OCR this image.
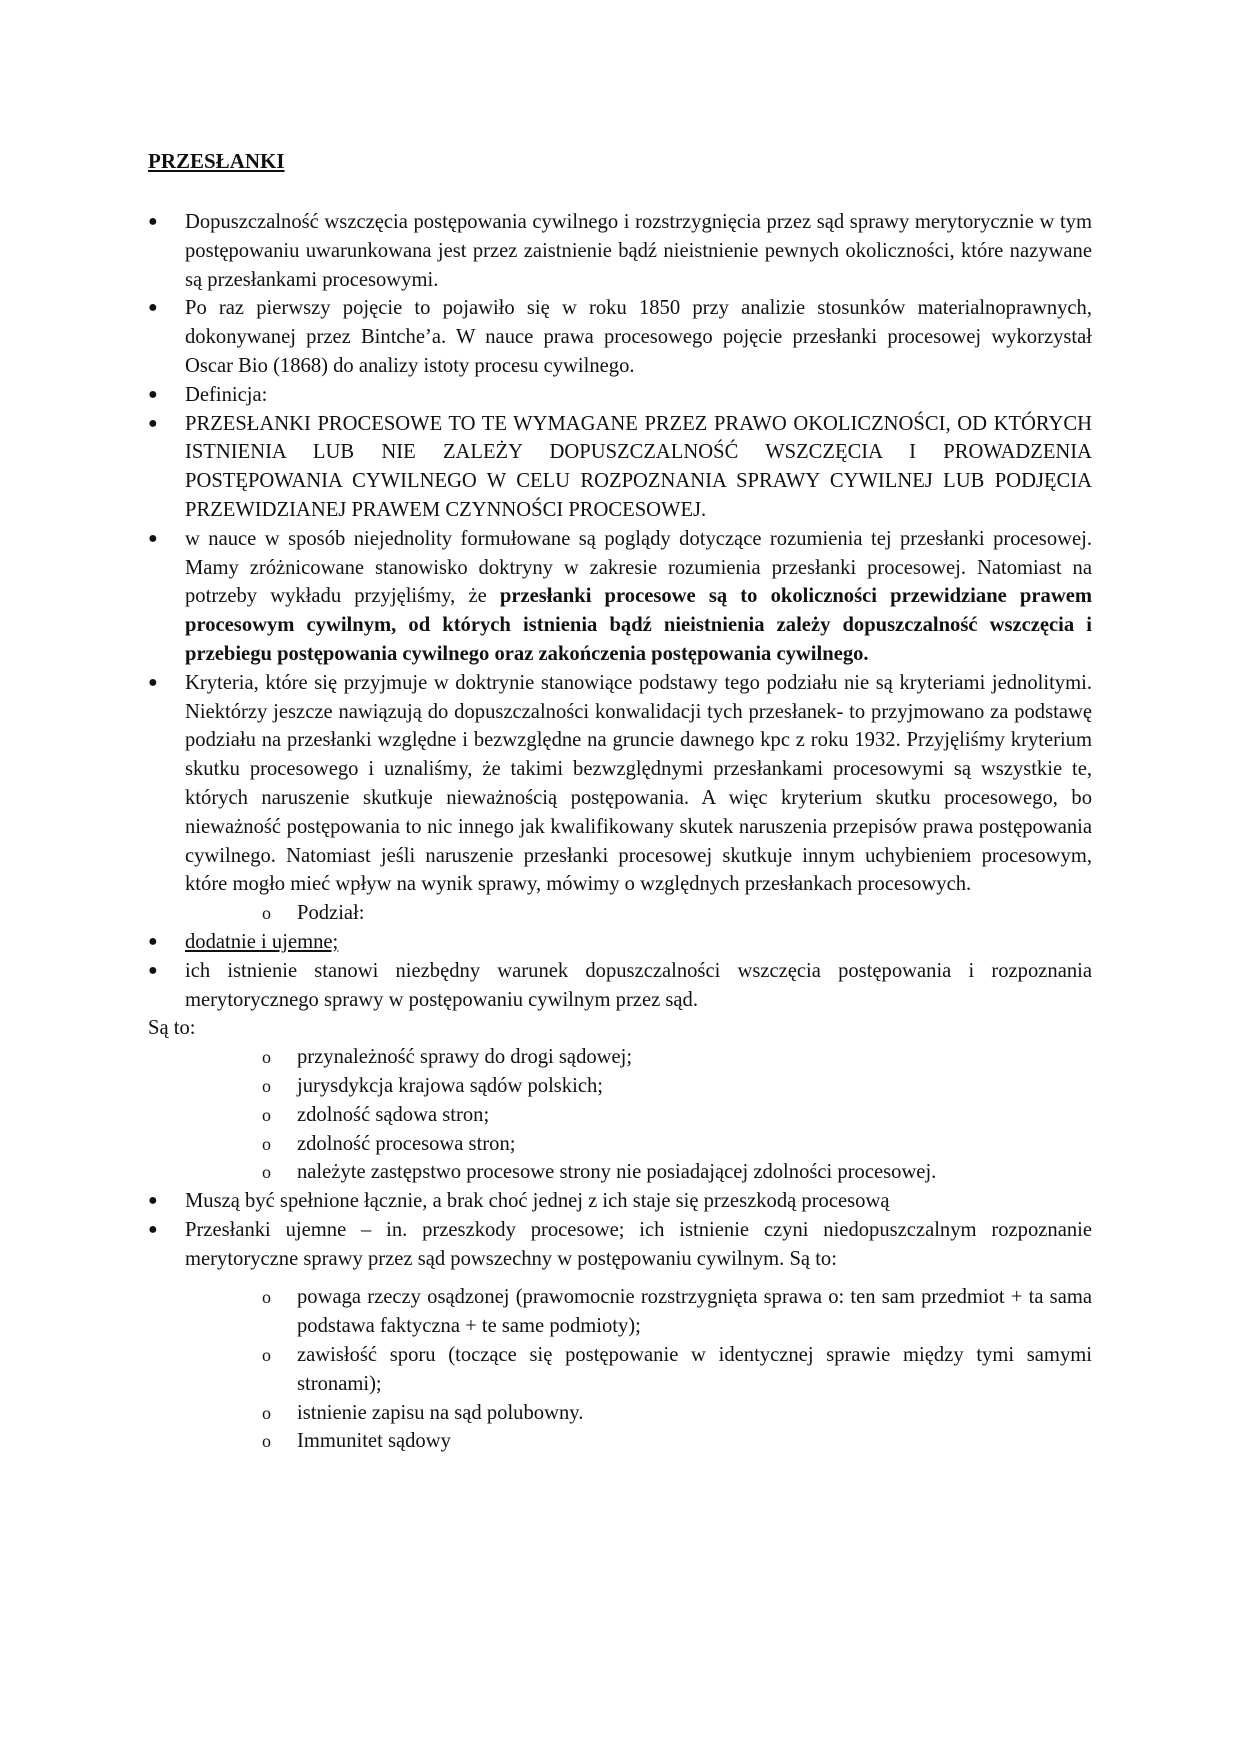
PRZESŁANKI
●	Dopuszczalność wszczęcia postępowania cywilnego i rozstrzygnięcia przez sąd sprawy merytorycznie w tym postępowaniu uwarunkowana jest przez zaistnienie bądź nieistnienie pewnych okoliczności, które nazywane są przesłankami procesowymi.
●	Po raz pierwszy pojęcie to pojawiło się w roku 1850 przy analizie stosunków materialnoprawnych, dokonywanej przez Bintche’a. W nauce prawa procesowego pojęcie przesłanki procesowej wykorzystał Oscar Bio (1868) do analizy istoty procesu cywilnego.
●	Definicja:
●	PRZESŁANKI PROCESOWE TO TE WYMAGANE PRZEZ PRAWO OKOLICZNOŚCI, OD KTÓRYCH ISTNIENIA LUB NIE ZALEŻY DOPUSZCZALNOŚĆ WSZCZĘCIA I PROWADZENIA POSTĘPOWANIA CYWILNEGO W CELU ROZPOZNANIA SPRAWY CYWILNEJ LUB PODJĘCIA PRZEWIDZIANEJ PRAWEM CZYNNOŚCI PROCESOWEJ.
●	w nauce w sposób niejednolity formułowane są poglądy dotyczące rozumienia tej przesłanki procesowej. Mamy zróżnicowane stanowisko doktryny w zakresie rozumienia przesłanki procesowej. Natomiast na potrzeby wykładu przyjęliśmy, że przesłanki procesowe są to okoliczności przewidziane prawem procesowym cywilnym, od których istnienia bądź nieistnienia zależy dopuszczalność wszczęcia i przebiegu postępowania cywilnego oraz zakończenia postępowania cywilnego.
●	Kryteria, które się przyjmuje w doktrynie stanowiące podstawy tego podziału nie są kryteriami jednolitymi. Niektórzy jeszcze nawiązują do dopuszczalności konwalidacji tych przesłanek- to przyjmowano za podstawę podziału na przesłanki względne i bezwzględne na gruncie dawnego kpc z roku 1932. Przyjęliśmy kryterium skutku procesowego i uznaliśmy, że takimi bezwzględnymi przesłankami procesowymi są wszystkie te, których naruszenie skutkuje nieważnością postępowania. A więc kryterium skutku procesowego, bo nieważność postępowania to nic innego jak kwalifikowany skutek naruszenia przepisów prawa postępowania cywilnego. Natomiast jeśli naruszenie przesłanki procesowej skutkuje innym uchybieniem procesowym, które mogło mieć wpływ na wynik sprawy, mówimy o względnych przesłankach procesowych.
o Podział:
●	dodatnie i ujemne;
●	ich istnienie stanowi niezbędny warunek dopuszczalności wszczęcia postępowania i rozpoznania merytorycznego sprawy w postępowaniu cywilnym przez sąd.
Są to:
o przynależność sprawy do drogi sądowej;
o jurysdykcja krajowa sądów polskich;
o zdolność sądowa stron;
o zdolność procesowa stron;
o należyte zastępstwo procesowe strony nie posiadającej zdolności procesowej.
●	Muszą być spełnione łącznie, a brak choć jednej z ich staje się przeszkodą procesową
●	Przesłanki ujemne – in. przeszkody procesowe; ich istnienie czyni niedopuszczalnym rozpoznanie merytoryczne sprawy przez sąd powszechny w postępowaniu cywilnym. Są to:
o powaga rzeczy osądzonej (prawomocnie rozstrzygnięta sprawa o: ten sam przedmiot + ta sama podstawa faktyczna + te same podmioty);
o zawisłość sporu (toczące się postępowanie w identycznej sprawie między tymi samymi stronami);
o istnienie zapisu na sąd polubowny.
o Immunitet sądowy
